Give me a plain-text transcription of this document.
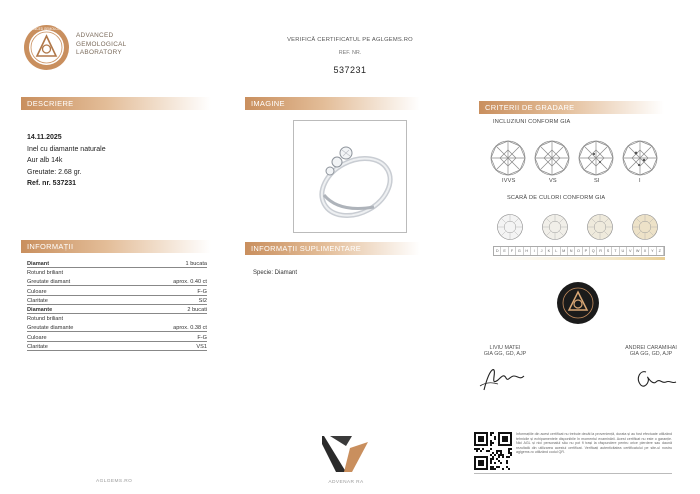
ADVANCED GEMOLOGICAL
ADVANCED
GEMOLOGICAL
LABORATORY
VERIFICĂ CERTIFICATUL PE AGLGEMS.RO
REF. NR.
537231
DESCRIERE	IMAGINE	CRITERII DE GRADARE
INFORMAȚII	INFORMAȚII SUPLIMENTARE

14.11.2025

Inel cu diamante naturale

Aur alb 14k

Greutate: 2.68 gr.

Ref. nr. 537231

INCLUZIUNI CONFORM GIA
IVVS	VS	SI	I
SCARĂ DE CULORI CONFORM GIA
D	E	F	G	H	I	J	K	L	M	N	O	P	Q	R	S	T	U	V	W	X	Y	Z
Diamant	1 bucata
Rotund briliant
Greutate diamant	aprox. 0.40 ct
Culoare	F-G
Claritate	SI2
Diamante	2 bucati
Rotund briliant
Greutate diamante	aprox. 0.38 ct
Culoare	F-G
Claritate	VS1
Specie: Diamant
LIVIU MATEI
GIA GG, GD, AJP
ANDREI CARAMIHAI
GIA GG, GD, AJP
ADVENAR RA
AGLGEMS.RO
Informațiile din acest certificat nu trebuie decât la proveniență, durata și au fost efectuate utilizând tehnicile și echipamentele disponibile în momentul examinării. Acest certificat nu este o garanție. Nici AGL și nici personalul său nu pot fi trași la răspundere pentru orice pierdere sau daună rezultată din utilizarea acestui certificat. Verificați autenticitatea certificatului pe site-ul nostru aglgems.ro utilizând codul QR.
